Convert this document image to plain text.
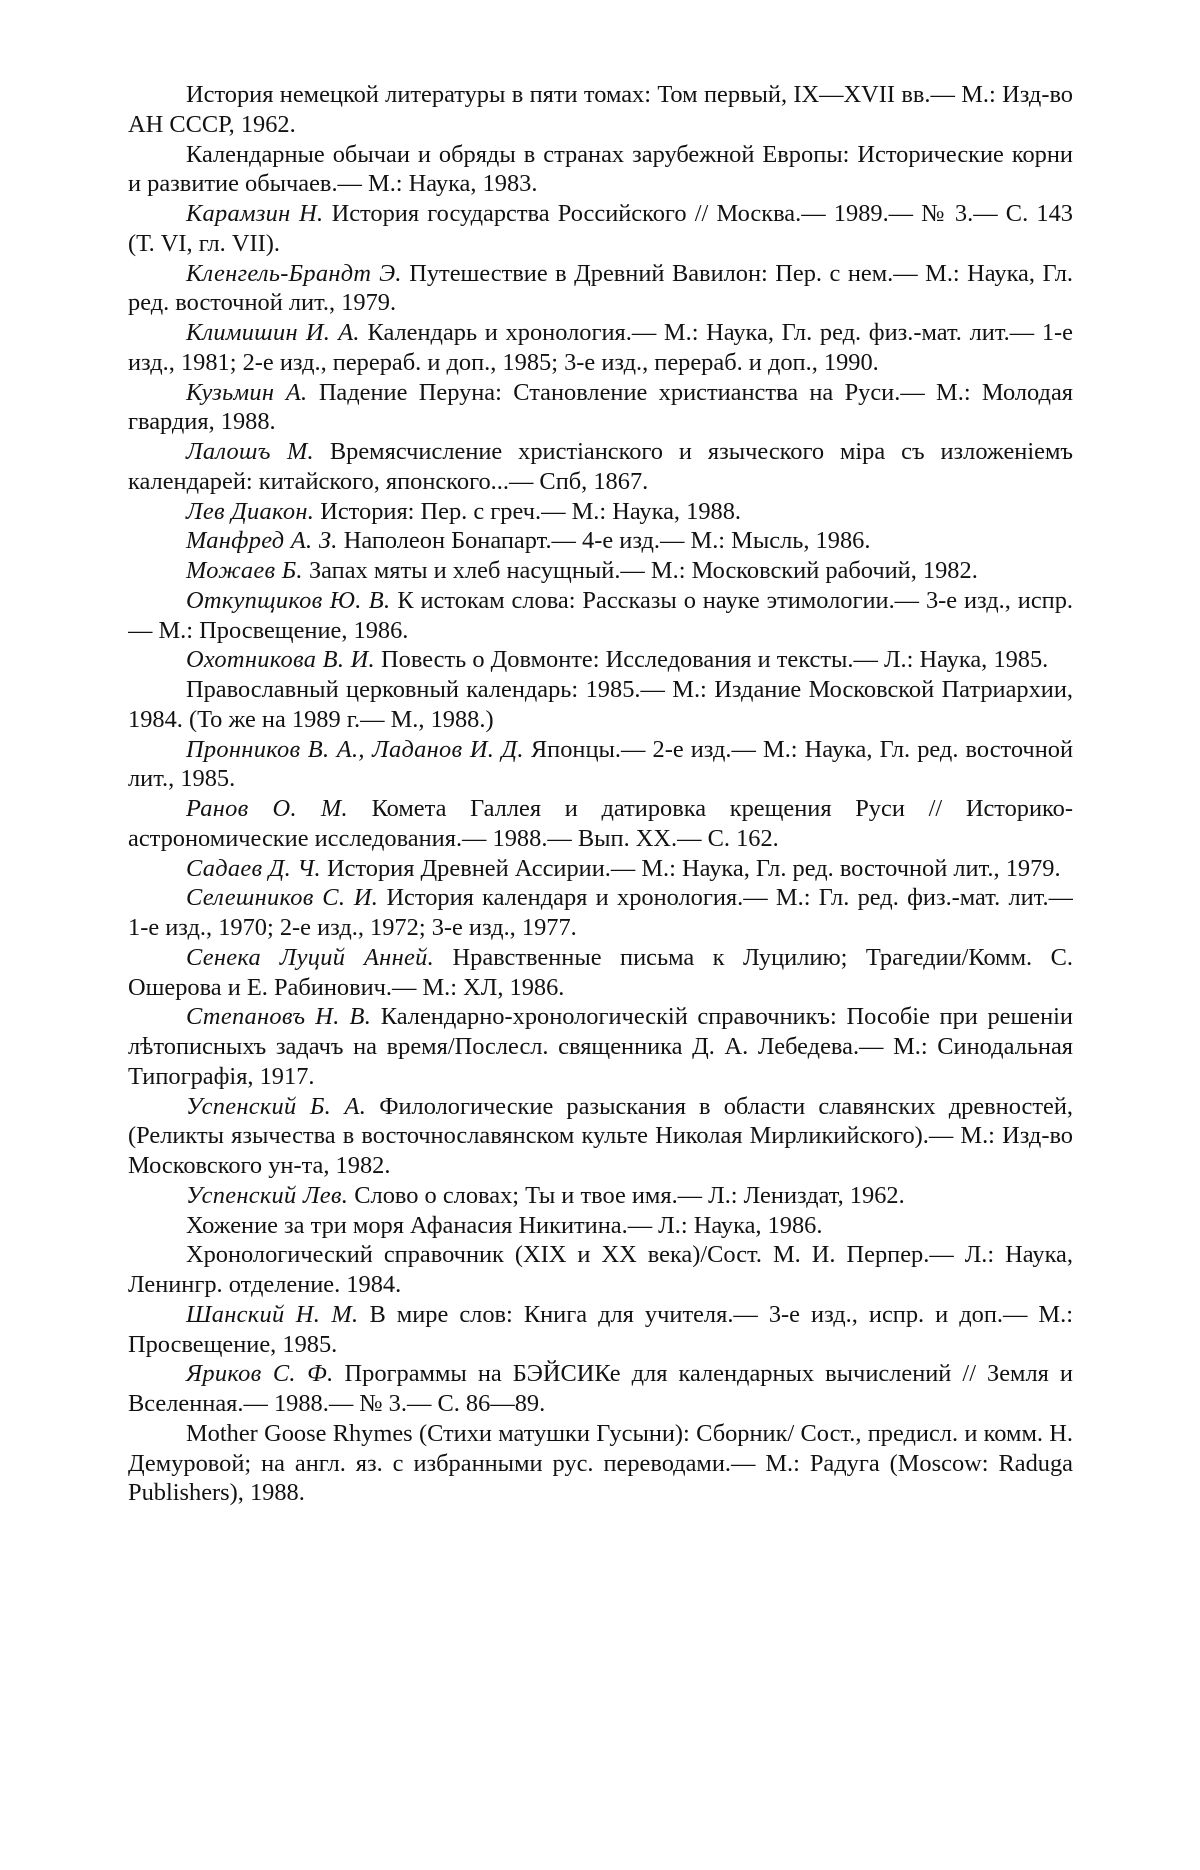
История немецкой литературы в пяти томах: Том первый, IX—XVII вв.— М.: Изд-во АН СССР, 1962.

Календарные обычаи и обряды в странах зарубежной Европы: Исторические корни и развитие обычаев.— М.: Наука, 1983.

Карамзин Н. История государства Российского // Москва.— 1989.— № 3.— С. 143 (Т. VI, гл. VII).

Кленгель-Брандт Э. Путешествие в Древний Вавилон: Пер. с нем.— М.: Наука, Гл. ред. восточной лит., 1979.

Климишин И. А. Календарь и хронология.— М.: Наука, Гл. ред. физ.-мат. лит.— 1-е изд., 1981; 2-е изд., перераб. и доп., 1985; 3-е изд., перераб. и доп., 1990.

Кузьмин А. Падение Перуна: Становление христианства на Руси.— М.: Молодая гвардия, 1988.

Лалошъ М. Времясчисление христіанского и языческого міра съ изложеніемъ календарей: китайского, японского...— Спб, 1867.

Лев Диакон. История: Пер. с греч.— М.: Наука, 1988.

Манфред А. З. Наполеон Бонапарт.— 4-е изд.— М.: Мысль, 1986.

Можаев Б. Запах мяты и хлеб насущный.— М.: Московский рабочий, 1982.

Откупщиков Ю. В. К истокам слова: Рассказы о науке этимологии.— 3-е изд., испр.— М.: Просвещение, 1986.

Охотникова В. И. Повесть о Довмонте: Исследования и тексты.— Л.: Наука, 1985.

Православный церковный календарь: 1985.— М.: Издание Московской Патриархии, 1984. (То же на 1989 г.— М., 1988.)

Пронников В. А., Ладанов И. Д. Японцы.— 2-е изд.— М.: Наука, Гл. ред. восточной лит., 1985.

Ранов О. М. Комета Галлея и датировка крещения Руси // Историко-астрономические исследования.— 1988.— Вып. XX.— С. 162.

Садаев Д. Ч. История Древней Ассирии.— М.: Наука, Гл. ред. восточной лит., 1979.

Селешников С. И. История календаря и хронология.— М.: Гл. ред. физ.-мат. лит.— 1-е изд., 1970; 2-е изд., 1972; 3-е изд., 1977.

Сенека Луций Анней. Нравственные письма к Луцилию; Трагедии/Комм. С. Ошерова и Е. Рабинович.— М.: ХЛ, 1986.

Степановъ Н. В. Календарно-хронологическій справочникъ: Пособіе при решеніи лѣтописныхъ задачъ на время/Послесл. священника Д. А. Лебедева.— М.: Синодальная Типографія, 1917.

Успенский Б. А. Филологические разыскания в области славянских древностей, (Реликты язычества в восточнославянском культе Николая Мирликийского).— М.: Изд-во Московского ун-та, 1982.

Успенский Лев. Слово о словах; Ты и твое имя.— Л.: Лениздат, 1962.

Хожение за три моря Афанасия Никитина.— Л.: Наука, 1986.

Хронологический справочник (XIX и XX века)/Сост. М. И. Перпер.— Л.: Наука, Ленингр. отделение. 1984.

Шанский Н. М. В мире слов: Книга для учителя.— 3-е изд., испр. и доп.— М.: Просвещение, 1985.

Яриков С. Ф. Программы на БЭЙСИКе для календарных вычислений // Земля и Вселенная.— 1988.— № 3.— С. 86—89.

Mother Goose Rhymes (Стихи матушки Гусыни): Сборник/ Сост., предисл. и комм. Н. Демуровой; на англ. яз. с избранными рус. переводами.— М.: Радуга (Moscow: Raduga Publishers), 1988.
